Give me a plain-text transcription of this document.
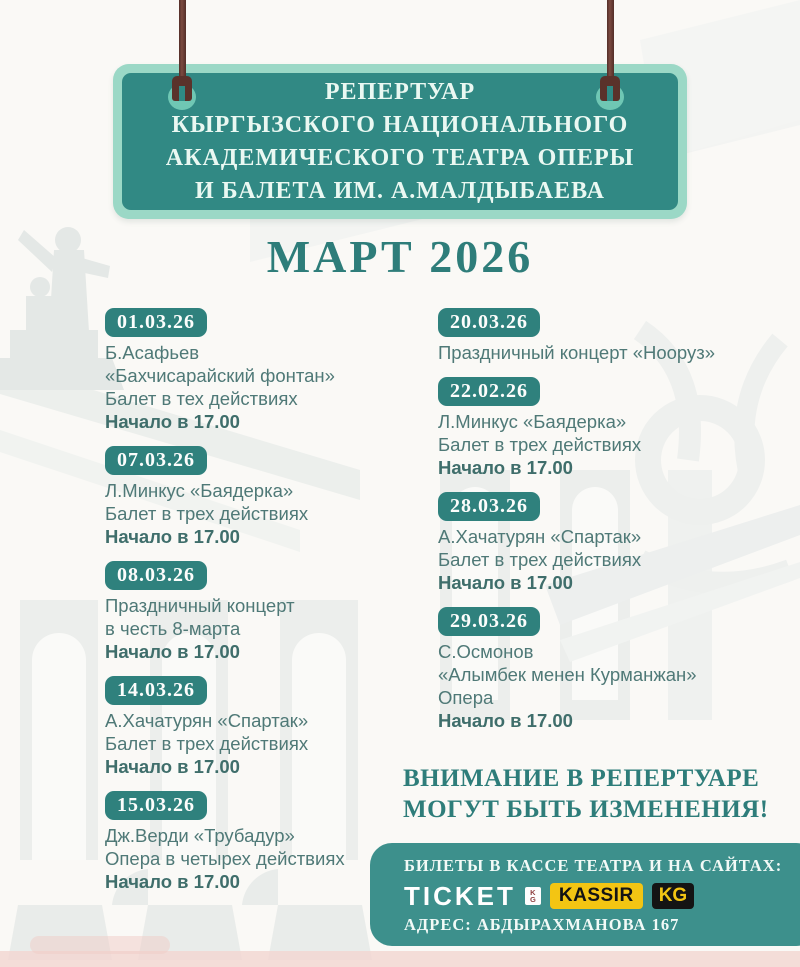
РЕПЕРТУАР
КЫРГЫЗСКОГО НАЦИОНАЛЬНОГО
АКАДЕМИЧЕСКОГО ТЕАТРА ОПЕРЫ
И БАЛЕТА ИМ. А.МАЛДЫБАЕВА
МАРТ 2026
01.03.26
Б.Асафьев
«Бахчисарайский фонтан»
Балет в тех действиях
Начало в 17.00
07.03.26
Л.Минкус «Баядерка»
Балет в трех действиях
Начало в 17.00
08.03.26
Праздничный концерт
в честь 8-марта
Начало в 17.00
14.03.26
А.Хачатурян «Спартак»
Балет в трех действиях
Начало в 17.00
15.03.26
Дж.Верди «Трубадур»
Опера в четырех действиях
Начало в 17.00
20.03.26
Праздничный концерт «Нооруз»
22.02.26
Л.Минкус «Баядерка»
Балет в трех действиях
Начало в 17.00
28.03.26
А.Хачатурян «Спартак»
Балет в трех действиях
Начало в 17.00
29.03.26
С.Осмонов
«Алымбек менен Курманжан»
Опера
Начало в 17.00
ВНИМАНИЕ В РЕПЕРТУАРЕ
МОГУТ БЫТЬ ИЗМЕНЕНИЯ!
БИЛЕТЫ В КАССЕ ТЕАТРА И НА САЙТАХ:
TICKET K
G	KASSIR	KG
АДРЕС: АБДЫРАХМАНОВА 167
